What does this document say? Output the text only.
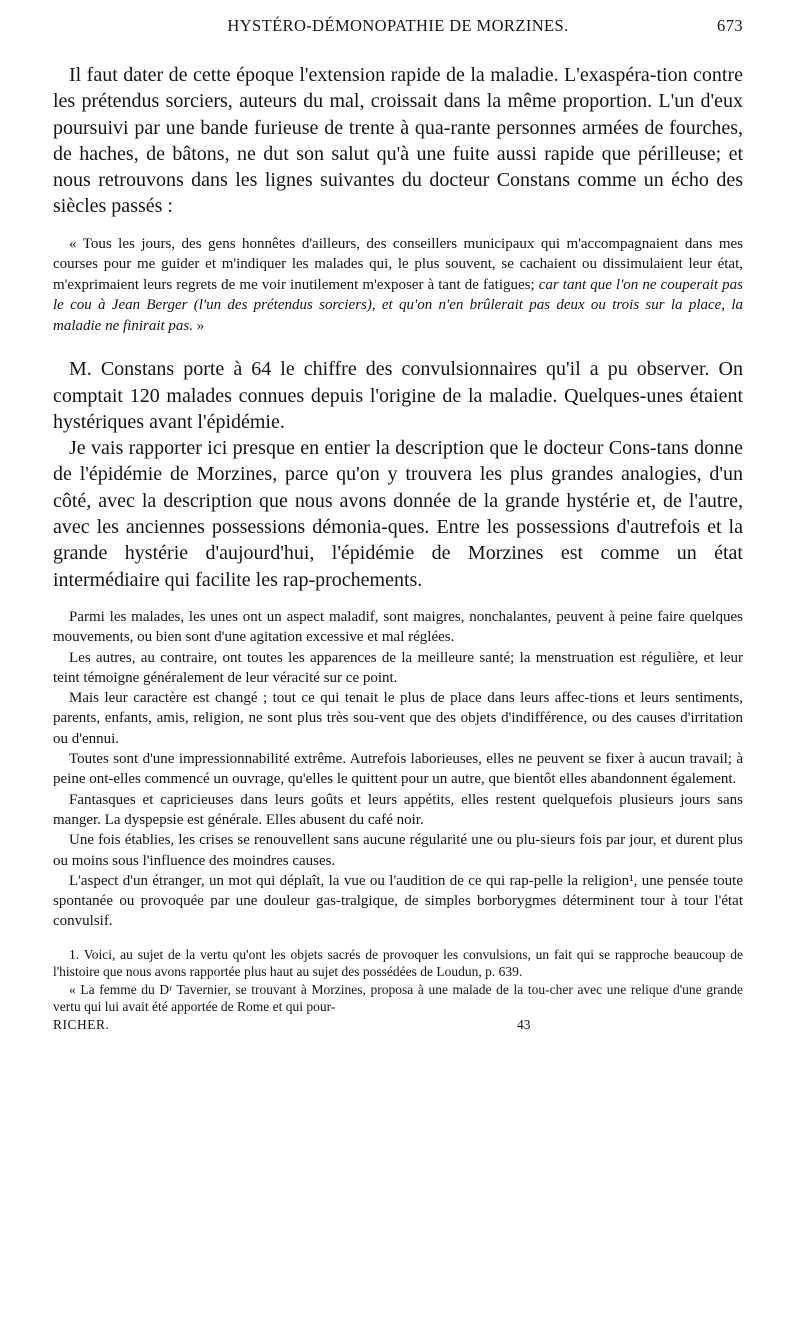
HYSTÉRO-DÉMONOPATHIE DE MORZINES.	673

Il faut dater de cette époque l'extension rapide de la maladie. L'exaspéra-tion contre les prétendus sorciers, auteurs du mal, croissait dans la même proportion. L'un d'eux poursuivi par une bande furieuse de trente à qua-rante personnes armées de fourches, de haches, de bâtons, ne dut son salut qu'à une fuite aussi rapide que périlleuse; et nous retrouvons dans les lignes suivantes du docteur Constans comme un écho des siècles passés :

« Tous les jours, des gens honnêtes d'ailleurs, des conseillers municipaux qui m'accompagnaient dans mes courses pour me guider et m'indiquer les malades qui, le plus souvent, se cachaient ou dissimulaient leur état, m'exprimaient leurs regrets de me voir inutilement m'exposer à tant de fatigues; car tant que l'on ne couperait pas le cou à Jean Berger (l'un des prétendus sorciers), et qu'on n'en brûlerait pas deux ou trois sur la place, la maladie ne finirait pas. »

M. Constans porte à 64 le chiffre des convulsionnaires qu'il a pu observer. On comptait 120 malades connues depuis l'origine de la maladie. Quelques-unes étaient hystériques avant l'épidémie.

Je vais rapporter ici presque en entier la description que le docteur Cons-tans donne de l'épidémie de Morzines, parce qu'on y trouvera les plus grandes analogies, d'un côté, avec la description que nous avons donnée de la grande hystérie et, de l'autre, avec les anciennes possessions démonia-ques. Entre les possessions d'autrefois et la grande hystérie d'aujourd'hui, l'épidémie de Morzines est comme un état intermédiaire qui facilite les rap-prochements.

Parmi les malades, les unes ont un aspect maladif, sont maigres, nonchalantes, peuvent à peine faire quelques mouvements, ou bien sont d'une agitation excessive et mal réglées.

Les autres, au contraire, ont toutes les apparences de la meilleure santé; la menstruation est régulière, et leur teint témoigne généralement de leur véracité sur ce point.

Mais leur caractère est changé ; tout ce qui tenait le plus de place dans leurs affec-tions et leurs sentiments, parents, enfants, amis, religion, ne sont plus très sou-vent que des objets d'indifférence, ou des causes d'irritation ou d'ennui.

Toutes sont d'une impressionnabilité extrême. Autrefois laborieuses, elles ne peuvent se fixer à aucun travail; à peine ont-elles commencé un ouvrage, qu'elles le quittent pour un autre, que bientôt elles abandonnent également.

Fantasques et capricieuses dans leurs goûts et leurs appétits, elles restent quelquefois plusieurs jours sans manger. La dyspepsie est générale. Elles abusent du café noir.

Une fois établies, les crises se renouvellent sans aucune régularité une ou plu-sieurs fois par jour, et durent plus ou moins sous l'influence des moindres causes.

L'aspect d'un étranger, un mot qui déplaît, la vue ou l'audition de ce qui rap-pelle la religion¹, une pensée toute spontanée ou provoquée par une douleur gas-tralgique, de simples borborygmes déterminent tour à tour l'état convulsif.

1. Voici, au sujet de la vertu qu'ont les objets sacrés de provoquer les convulsions, un fait qui se rapproche beaucoup de l'histoire que nous avons rapportée plus haut au sujet des possédées de Loudun, p. 639.

« La femme du Dʳ Tavernier, se trouvant à Morzines, proposa à une malade de la tou-cher avec une relique d'une grande vertu qui lui avait été apportée de Rome et qui pour-

RICHER.	43
